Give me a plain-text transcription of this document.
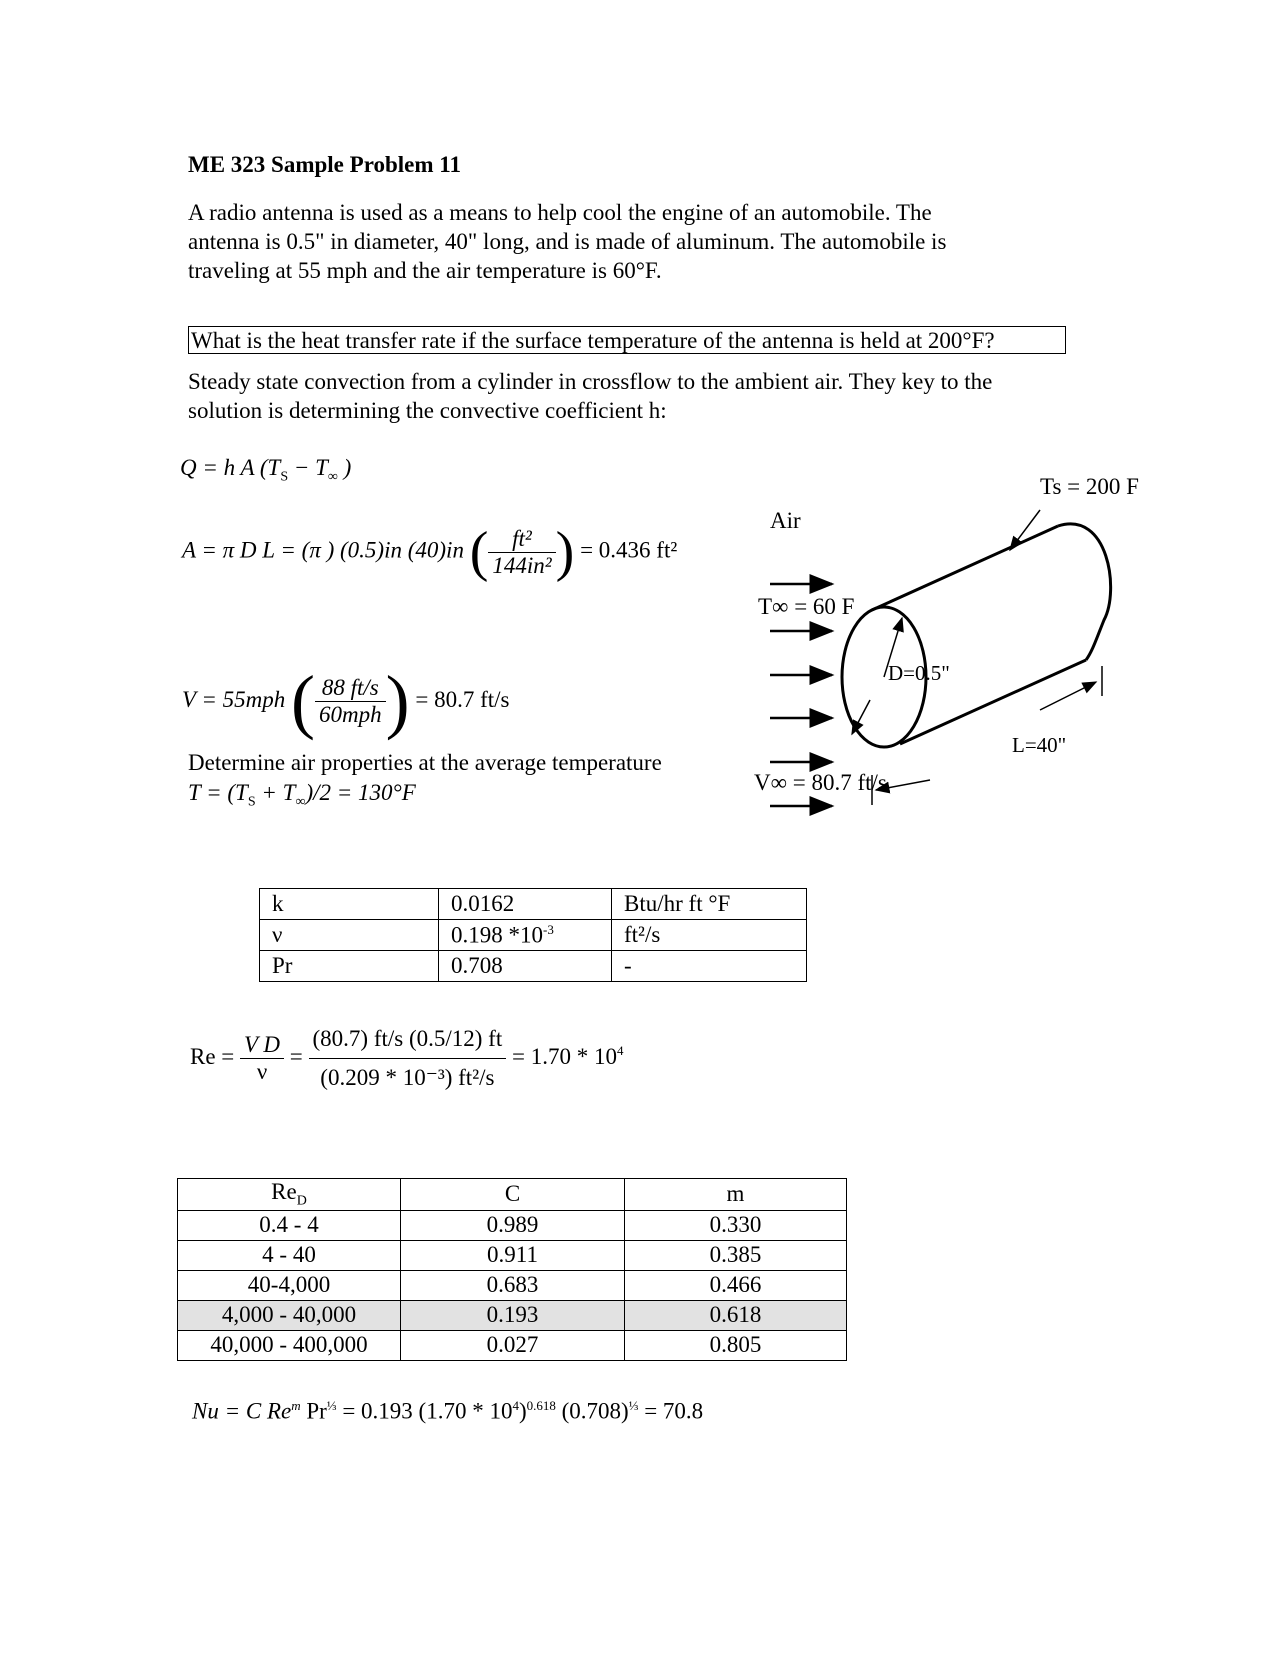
ME 323 Sample Problem 11
A radio antenna is used as a means to help cool the engine of an automobile. The
antenna is 0.5" in diameter, 40" long, and is made of aluminum. The automobile is
traveling at 55 mph and the air temperature is 60°F.
What is the heat transfer rate if the surface temperature of the antenna is held at 200°F?
Steady state convection from a cylinder in crossflow to the ambient air. They key to the
solution is determining the convective coefficient h:
Q = h A ($T_S - T_\infty$ )
A = π D L = (π ) (0.5)in (40)in ( $\frac{\text{ft²}}{\text{144in²}}$ ) = 0.436 ft²
V = 55mph ( $\frac{88 ft/s}{\text{60mph}}$ ) = 80.7 ft/s
Determine air properties at the average temperature
$T = (T_S + T_\infty)/2 = 130^\circ F$
k	0.0162	Btu/hr ft °F
ν	0.198 $*10^{-3}$	ft²/s
Pr	0.708	-
$Re = \frac{\text{V D}}{\nu} = \frac{(80.7) ft/s (0.5/12) ft}{\text{(0.209 * 10⁻³) ft²/s}} = 1.70 * 10^4$
$Re_D$	C	m
0.4 - 4	0.989	0.330
4 - 40	0.911	0.385
40-4,000	0.683	0.466
4,000 - 40,000	0.193	0.618
40,000 - 400,000	0.027	0.805
Nu = C Re$^m$ $Pr^{\frac{1}{3}} = 0.193$ $(1.70 * 10^4)^{0.618}$ $(0.708)^{\frac{1}{3}} = 70.8$
Air
T∞ = 60 F
V∞ = 80.7 ft/s
Ts = 200 F
D=0.5"
L=40"
